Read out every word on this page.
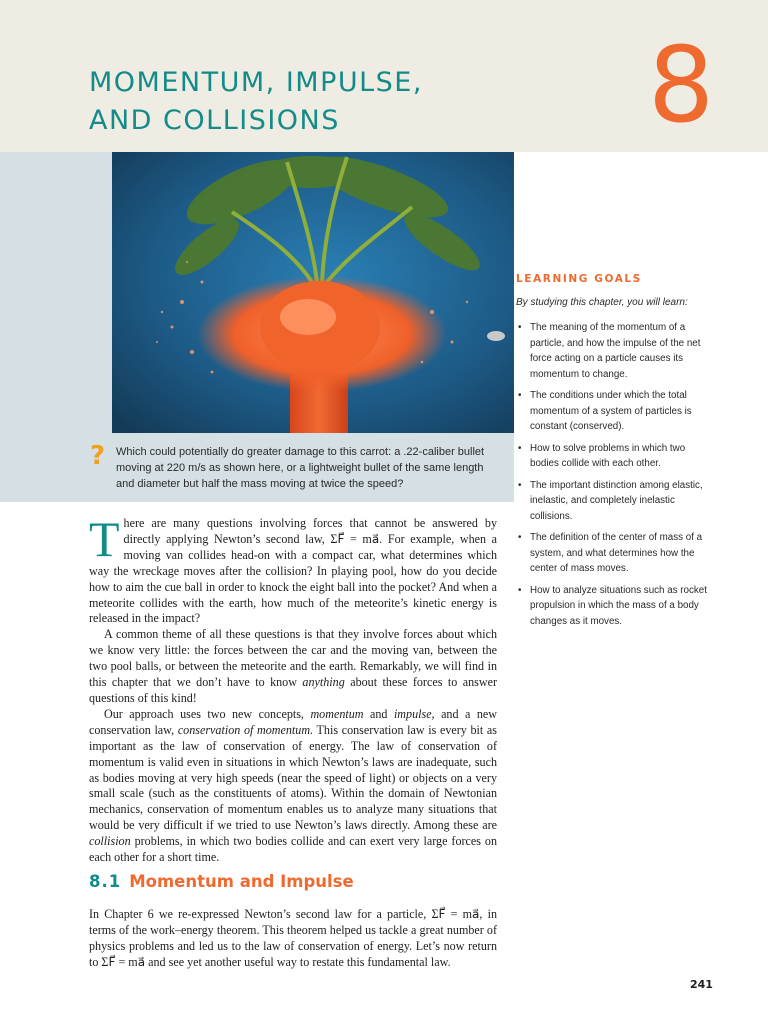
MOMENTUM, IMPULSE,
AND COLLISIONS	8
? Which could potentially do greater damage to this carrot: a .22-caliber bullet moving at 220 m/s as shown here, or a lightweight bullet of the same length and diameter but half the mass moving at twice the speed?
LEARNING GOALS
By studying this chapter, you will learn:
• The meaning of the momentum of a particle, and how the impulse of the net force acting on a particle causes its momentum to change.
• The conditions under which the total momentum of a system of particles is constant (conserved).
• How to solve problems in which two bodies collide with each other.
• The important distinction among elastic, inelastic, and completely inelastic collisions.
• The definition of the center of mass of a system, and what determines how the center of mass moves.
• How to analyze situations such as rocket propulsion in which the mass of a body changes as it moves.

There are many questions involving forces that cannot be answered by directly applying Newton’s second law, ΣF⃗ = ma⃗. For example, when a moving van collides head-on with a compact car, what determines which way the wreckage moves after the collision? In playing pool, how do you decide how to aim the cue ball in order to knock the eight ball into the pocket? And when a meteorite collides with the earth, how much of the meteorite’s kinetic energy is released in the impact?

A common theme of all these questions is that they involve forces about which we know very little: the forces between the car and the moving van, between the two pool balls, or between the meteorite and the earth. Remarkably, we will find in this chapter that we don’t have to know anything about these forces to answer questions of this kind!

Our approach uses two new concepts, momentum and impulse, and a new conservation law, conservation of momentum. This conservation law is every bit as important as the law of conservation of energy. The law of conservation of momentum is valid even in situations in which Newton’s laws are inadequate, such as bodies moving at very high speeds (near the speed of light) or objects on a very small scale (such as the constituents of atoms). Within the domain of Newtonian mechanics, conservation of momentum enables us to analyze many situations that would be very difficult if we tried to use Newton’s laws directly. Among these are collision problems, in which two bodies collide and can exert very large forces on each other for a short time.

8.1 Momentum and Impulse

In Chapter 6 we re-expressed Newton’s second law for a particle, ΣF⃗ = ma⃗, in terms of the work–energy theorem. This theorem helped us tackle a great number of physics problems and led us to the law of conservation of energy. Let’s now return to ΣF⃗ = ma⃗ and see yet another useful way to restate this fundamental law.

241
